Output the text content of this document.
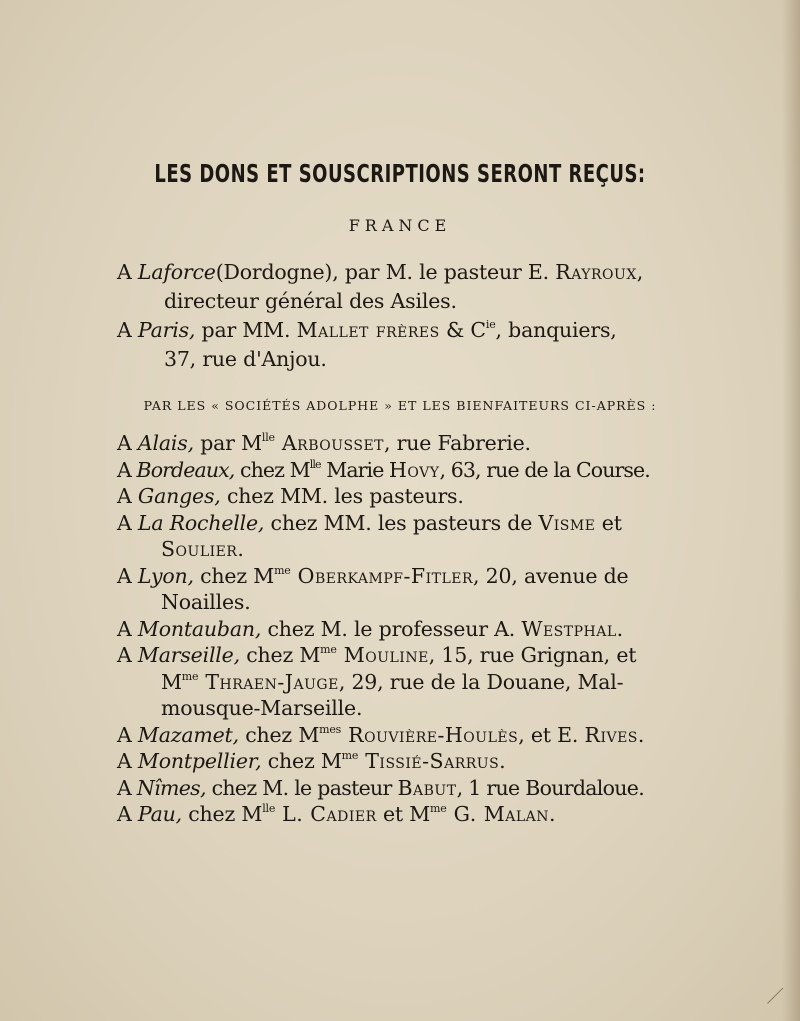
LES DONS ET SOUSCRIPTIONS SERONT REÇUS:
FRANCE
A Laforce(Dordogne), par M. le pasteur E. Rayroux,
directeur général des Asiles.
A Paris, par MM. Mallet frères & $C^{ie}$, banquiers,
37, rue d'Anjou.
PAR LES « SOCIÉTÉS ADOLPHE » ET LES BIENFAITEURS CI-APRÈS :
A Alais, par $M^{lle}$ Arbousset, rue Fabrerie.
A Bordeaux, chez $M^{lle}$ Marie Hovy, 63, rue de la Course.
A Ganges, chez MM. les pasteurs.
A La Rochelle, chez MM. les pasteurs de Visme et
Soulier.
A Lyon, chez $M^{me}$ Oberkampf-Fitler, 20, avenue de
Noailles.
A Montauban, chez M. le professeur A. Westphal.
A Marseille, chez $M^{me}$ Mouline, 15, rue Grignan, et
$M^{me}$ Thraen-Jauge, 29, rue de la Douane, Mal-
mousque-Marseille.
A Mazamet, chez $M^{mes}$ Rouvière-Houlès, et E. Rives.
A Montpellier, chez $M^{me}$ Tissié-Sarrus.
A Nîmes, chez M. le pasteur Babut, 1 rue Bourdaloue.
A Pau, chez $M^{lle}$ L. Cadier et $M^{me}$ G. Malan.
